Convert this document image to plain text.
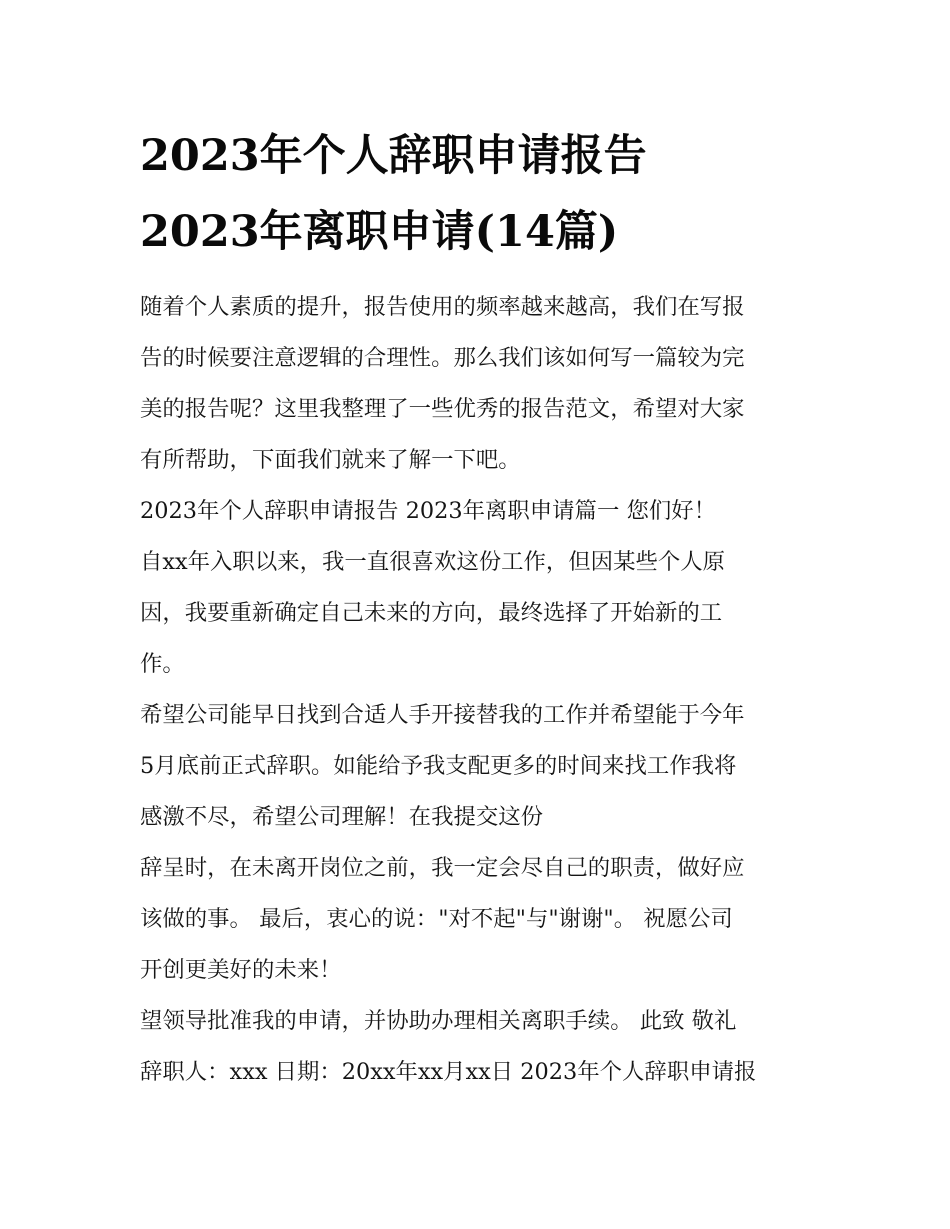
2023年个人辞职申请报告
2023年离职申请(14篇)

随着个人素质的提升，报告使用的频率越来越高，我们在写报
告的时候要注意逻辑的合理性。那么我们该如何写一篇较为完
美的报告呢？这里我整理了一些优秀的报告范文，希望对大家
有所帮助，下面我们就来了解一下吧。

2023年个人辞职申请报告 2023年离职申请篇一 您们好！

自xx年入职以来，我一直很喜欢这份工作，但因某些个人原
因，我要重新确定自己未来的方向，最终选择了开始新的工
作。

希望公司能早日找到合适人手开接替我的工作并希望能于今年
5月底前正式辞职。如能给予我支配更多的时间来找工作我将
感激不尽，希望公司理解！在我提交这份

辞呈时，在未离开岗位之前，我一定会尽自己的职责，做好应
该做的事。 最后，衷心的说："对不起"与"谢谢"。 祝愿公司
开创更美好的未来！

望领导批准我的申请，并协助办理相关离职手续。 此致 敬礼
辞职人：xxx 日期：20xx年xx月xx日 2023年个人辞职申请报
